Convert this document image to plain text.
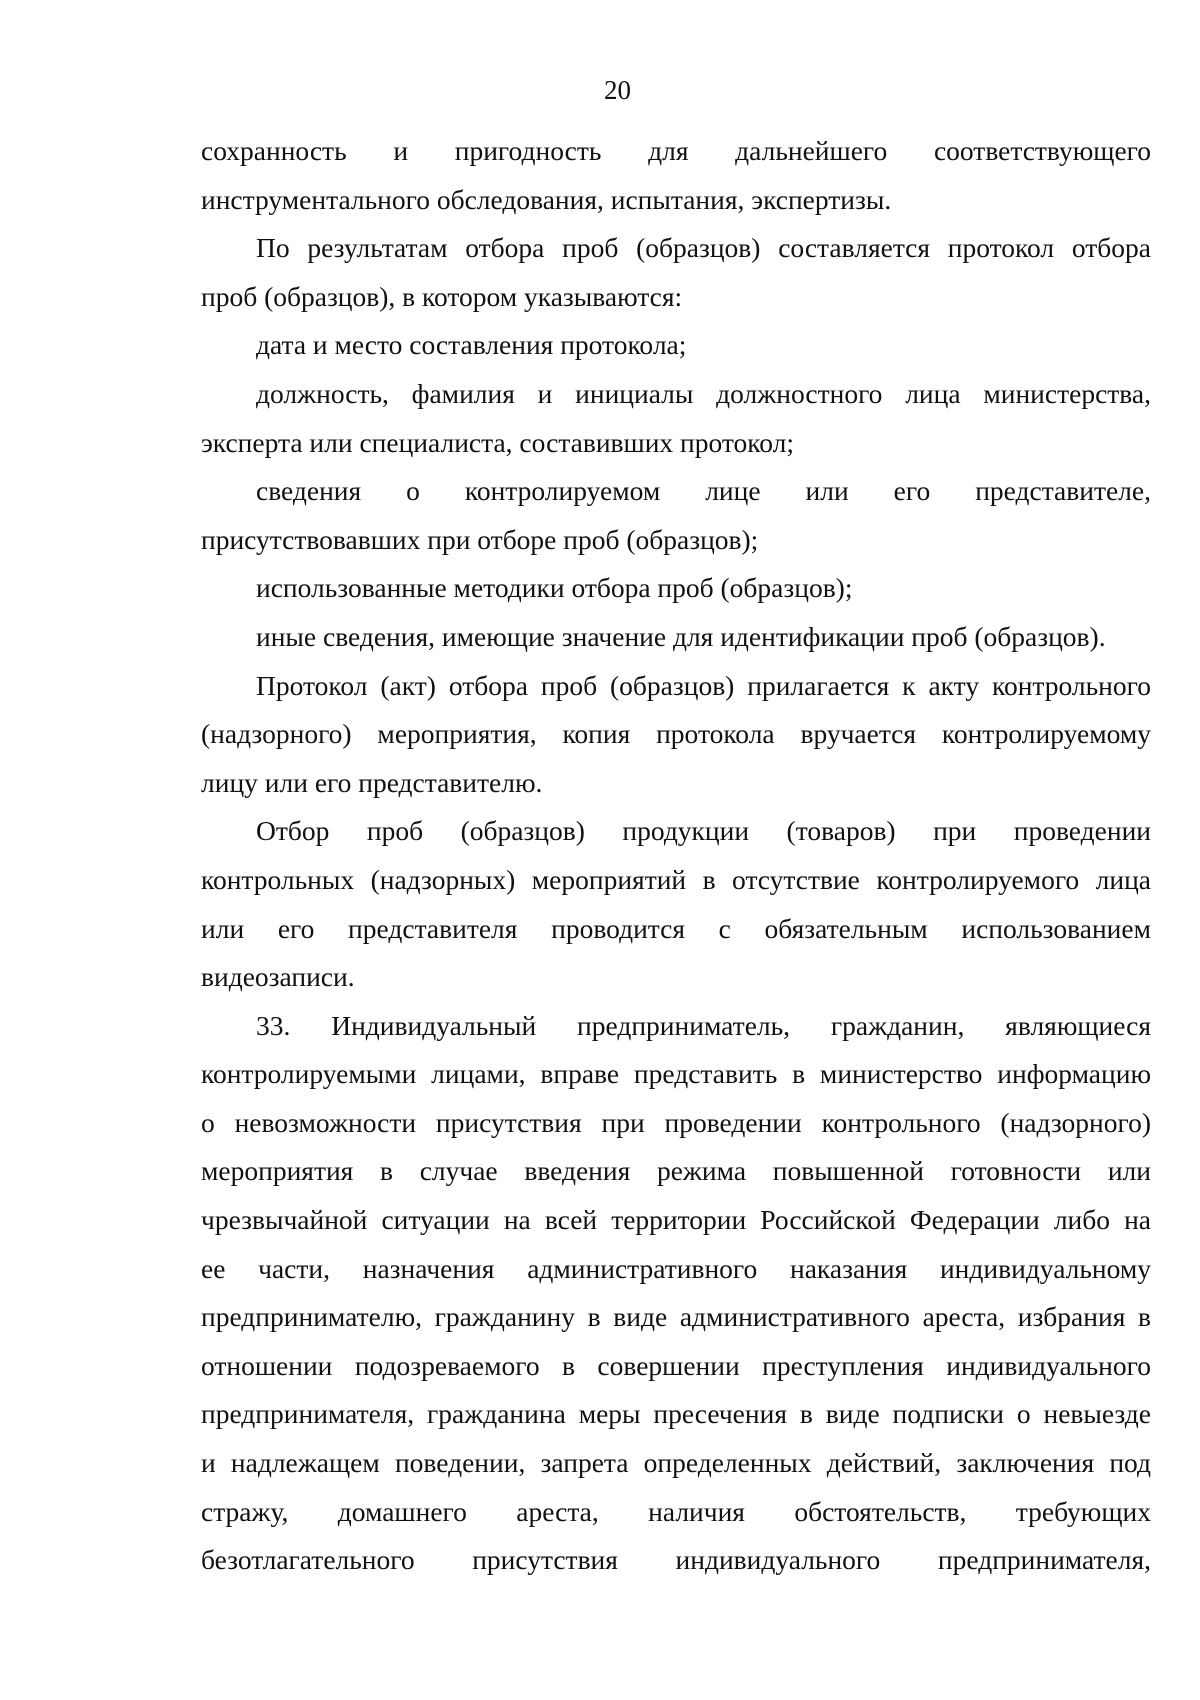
20
сохранность и пригодность для дальнейшего соответствующего
инструментального обследования, испытания, экспертизы.
По результатам отбора проб (образцов) составляется протокол отбора
проб (образцов), в котором указываются:
дата и место составления протокола;
должность, фамилия и инициалы должностного лица министерства,
эксперта или специалиста, составивших протокол;
сведения о контролируемом лице или его представителе,
присутствовавших при отборе проб (образцов);
использованные методики отбора проб (образцов);
иные сведения, имеющие значение для идентификации проб (образцов).
Протокол (акт) отбора проб (образцов) прилагается к акту контрольного
(надзорного) мероприятия, копия протокола вручается контролируемому
лицу или его представителю.
Отбор проб (образцов) продукции (товаров) при проведении
контрольных (надзорных) мероприятий в отсутствие контролируемого лица
или его представителя проводится с обязательным использованием
видеозаписи.
33. Индивидуальный предприниматель, гражданин, являющиеся
контролируемыми лицами, вправе представить в министерство информацию
о невозможности присутствия при проведении контрольного (надзорного)
мероприятия в случае введения режима повышенной готовности или
чрезвычайной ситуации на всей территории Российской Федерации либо на
ее части, назначения административного наказания индивидуальному
предпринимателю, гражданину в виде административного ареста, избрания в
отношении подозреваемого в совершении преступления индивидуального
предпринимателя, гражданина меры пресечения в виде подписки о невыезде
и надлежащем поведении, запрета определенных действий, заключения под
стражу, домашнего ареста, наличия обстоятельств, требующих
безотлагательного присутствия индивидуального предпринимателя,
